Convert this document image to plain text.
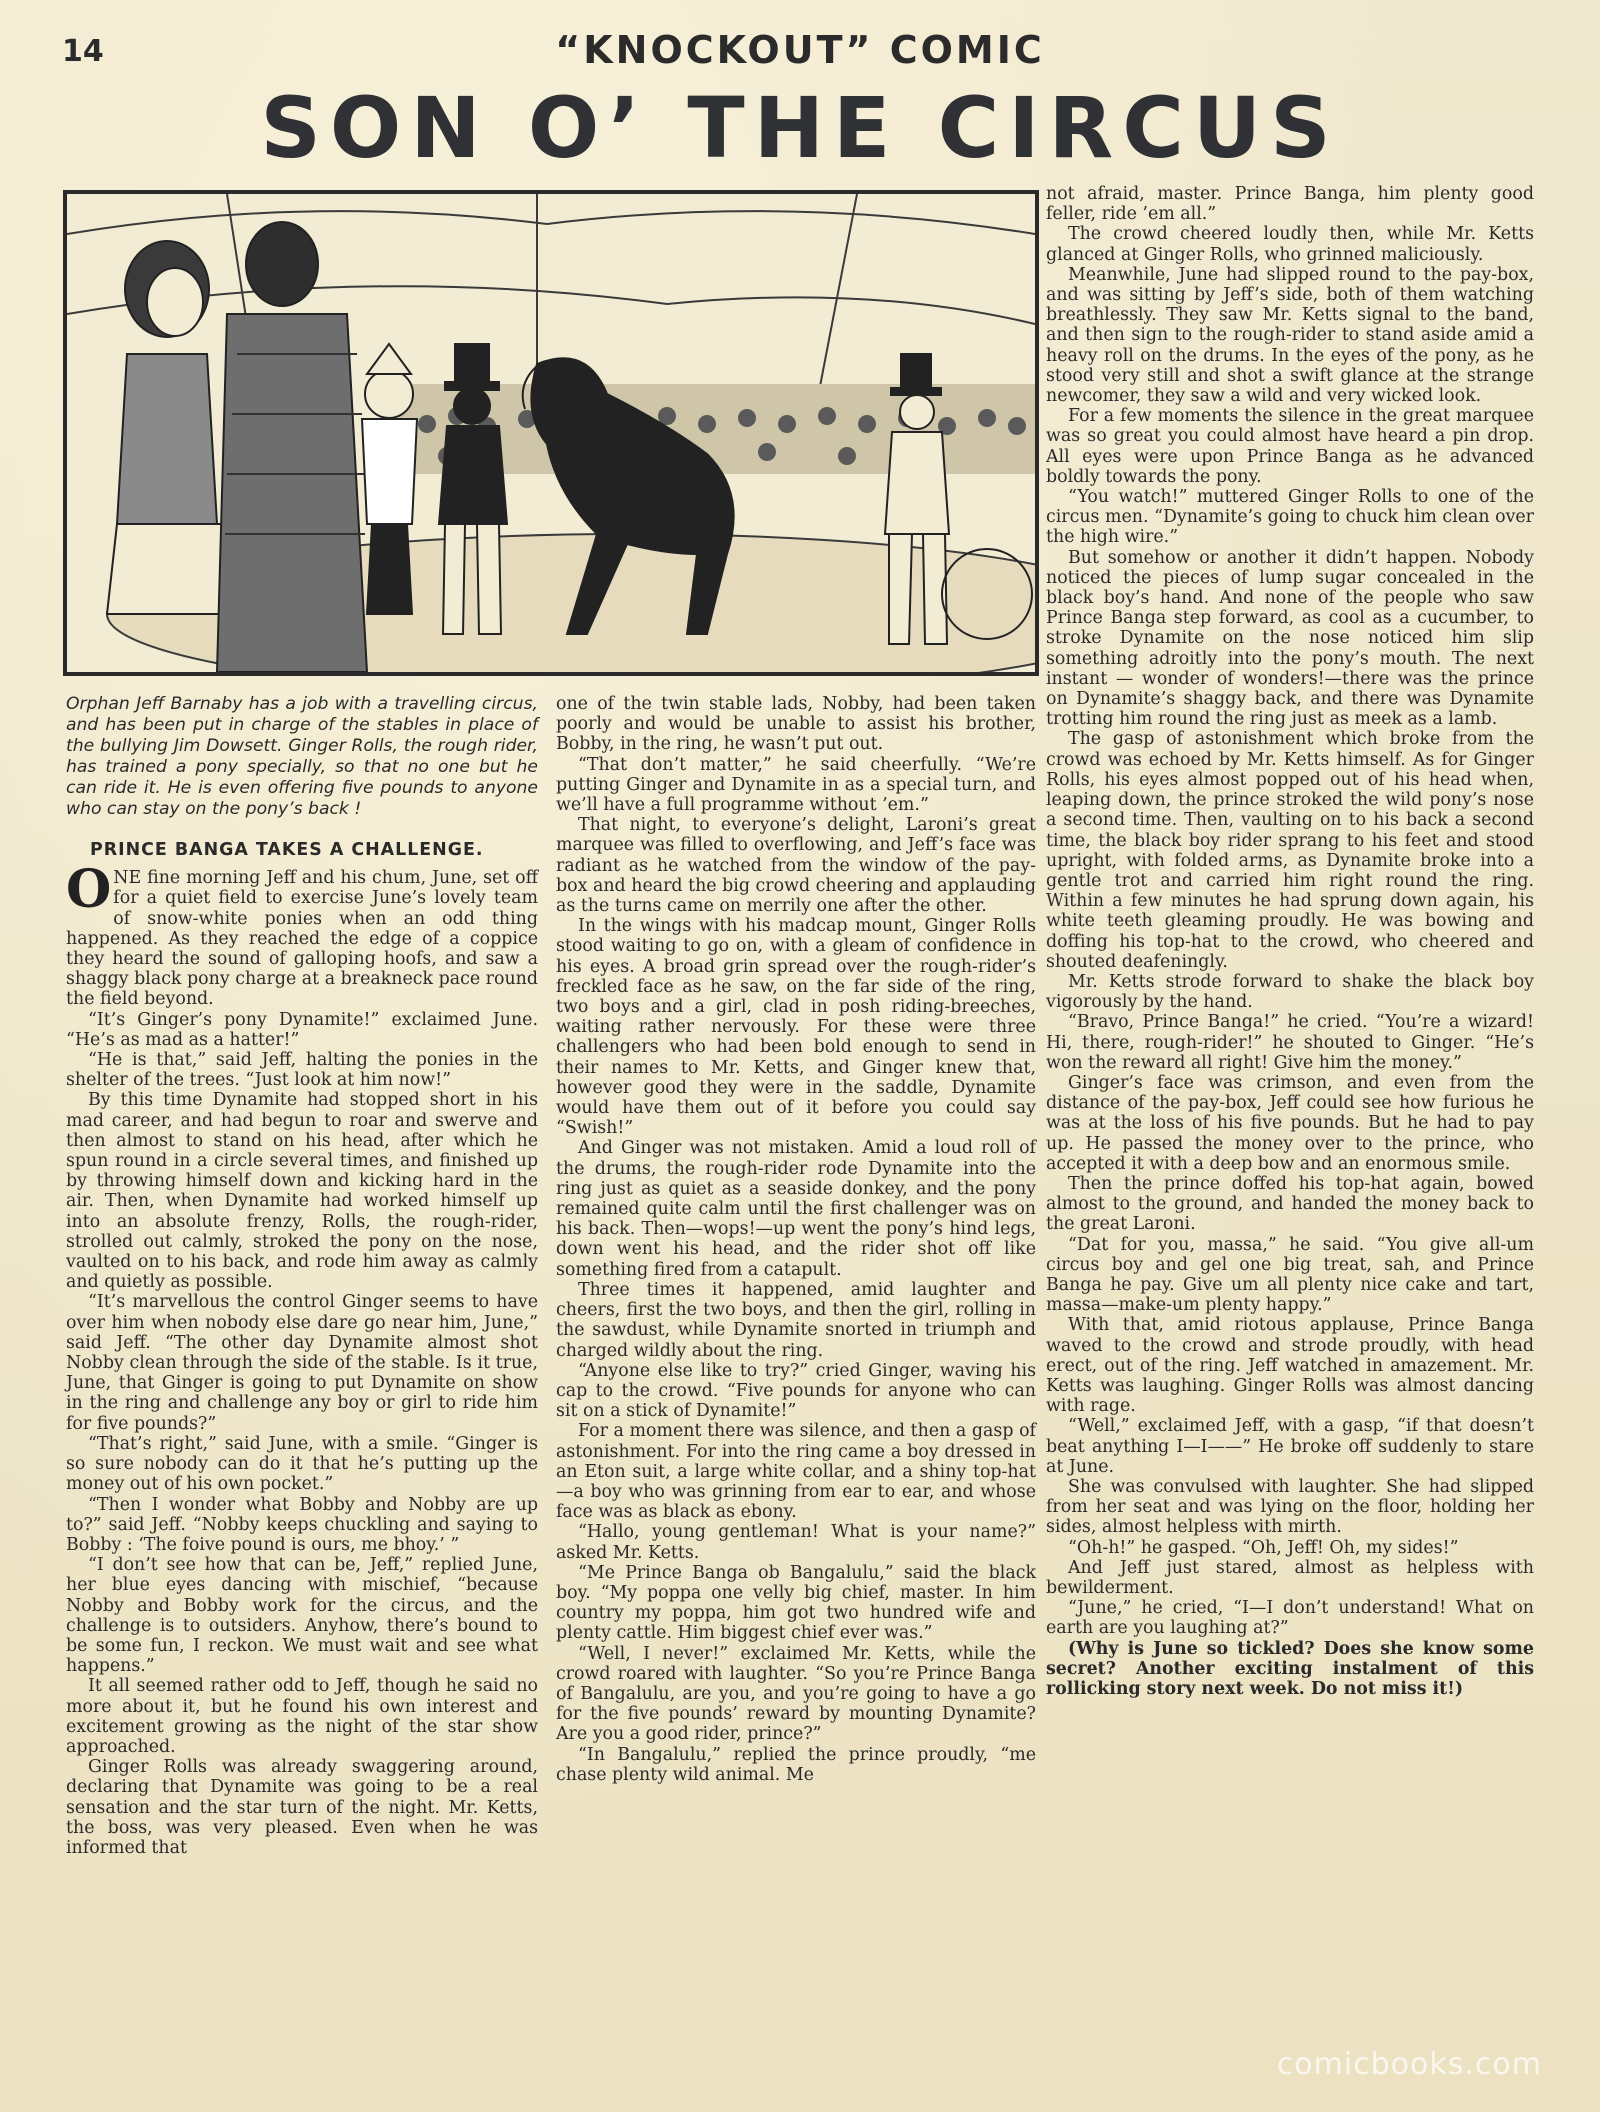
14	“KNOCKOUT” COMIC
SON O’ THE CIRCUS

Orphan Jeff Barnaby has a job with a travelling circus, and has been put in charge of the stables in place of the bullying Jim Dowsett. Ginger Rolls, the rough rider, has trained a pony specially, so that no one but he can ride it. He is even offering five pounds to anyone who can stay on the pony’s back !

PRINCE BANGA TAKES A CHALLENGE.

ONE fine morning Jeff and his chum, June, set off for a quiet field to exercise June’s lovely team of snow-white ponies when an odd thing happened. As they reached the edge of a coppice they heard the sound of galloping hoofs, and saw a shaggy black pony charge at a breakneck pace round the field beyond.

“It’s Ginger’s pony Dynamite!” exclaimed June. “He’s as mad as a hatter!”

“He is that,” said Jeff, halting the ponies in the shelter of the trees. “Just look at him now!”

By this time Dynamite had stopped short in his mad career, and had begun to roar and swerve and then almost to stand on his head, after which he spun round in a circle several times, and finished up by throwing himself down and kicking hard in the air. Then, when Dynamite had worked himself up into an absolute frenzy, Rolls, the rough-rider, strolled out calmly, stroked the pony on the nose, vaulted on to his back, and rode him away as calmly and quietly as possible.

“It’s marvellous the control Ginger seems to have over him when nobody else dare go near him, June,” said Jeff. “The other day Dynamite almost shot Nobby clean through the side of the stable. Is it true, June, that Ginger is going to put Dynamite on show in the ring and challenge any boy or girl to ride him for five pounds?”

“That’s right,” said June, with a smile. “Ginger is so sure nobody can do it that he’s putting up the money out of his own pocket.”

“Then I wonder what Bobby and Nobby are up to?” said Jeff. “Nobby keeps chuckling and saying to Bobby : ‘The foive pound is ours, me bhoy.’ ”

“I don’t see how that can be, Jeff,” replied June, her blue eyes dancing with mischief, “because Nobby and Bobby work for the circus, and the challenge is to outsiders. Anyhow, there’s bound to be some fun, I reckon. We must wait and see what happens.”

It all seemed rather odd to Jeff, though he said no more about it, but he found his own interest and excitement growing as the night of the star show approached.

Ginger Rolls was already swaggering around, declaring that Dynamite was going to be a real sensation and the star turn of the night. Mr. Ketts, the boss, was very pleased. Even when he was informed that

one of the twin stable lads, Nobby, had been taken poorly and would be unable to assist his brother, Bobby, in the ring, he wasn’t put out.

“That don’t matter,” he said cheerfully. “We’re putting Ginger and Dynamite in as a special turn, and we’ll have a full programme without ’em.”

That night, to everyone’s delight, Laroni’s great marquee was filled to overflowing, and Jeff’s face was radiant as he watched from the window of the pay-box and heard the big crowd cheering and applauding as the turns came on merrily one after the other.

In the wings with his madcap mount, Ginger Rolls stood waiting to go on, with a gleam of confidence in his eyes. A broad grin spread over the rough-rider’s freckled face as he saw, on the far side of the ring, two boys and a girl, clad in posh riding-breeches, waiting rather nervously. For these were three challengers who had been bold enough to send in their names to Mr. Ketts, and Ginger knew that, however good they were in the saddle, Dynamite would have them out of it before you could say “Swish!”

And Ginger was not mistaken. Amid a loud roll of the drums, the rough-rider rode Dynamite into the ring just as quiet as a seaside donkey, and the pony remained quite calm until the first challenger was on his back. Then—wops!—up went the pony’s hind legs, down went his head, and the rider shot off like something fired from a catapult.

Three times it happened, amid laughter and cheers, first the two boys, and then the girl, rolling in the sawdust, while Dynamite snorted in triumph and charged wildly about the ring.

“Anyone else like to try?” cried Ginger, waving his cap to the crowd. “Five pounds for anyone who can sit on a stick of Dynamite!”

For a moment there was silence, and then a gasp of astonishment. For into the ring came a boy dressed in an Eton suit, a large white collar, and a shiny top-hat—a boy who was grinning from ear to ear, and whose face was as black as ebony.

“Hallo, young gentleman! What is your name?” asked Mr. Ketts.

“Me Prince Banga ob Bangalulu,” said the black boy. “My poppa one velly big chief, master. In him country my poppa, him got two hundred wife and plenty cattle. Him biggest chief ever was.”

“Well, I never!” exclaimed Mr. Ketts, while the crowd roared with laughter. “So you’re Prince Banga of Bangalulu, are you, and you’re going to have a go for the five pounds’ reward by mounting Dynamite? Are you a good rider, prince?”

“In Bangalulu,” replied the prince proudly, “me chase plenty wild animal. Me

not afraid, master. Prince Banga, him plenty good feller, ride ’em all.”

The crowd cheered loudly then, while Mr. Ketts glanced at Ginger Rolls, who grinned maliciously.

Meanwhile, June had slipped round to the pay-box, and was sitting by Jeff’s side, both of them watching breathlessly. They saw Mr. Ketts signal to the band, and then sign to the rough-rider to stand aside amid a heavy roll on the drums. In the eyes of the pony, as he stood very still and shot a swift glance at the strange newcomer, they saw a wild and very wicked look.

For a few moments the silence in the great marquee was so great you could almost have heard a pin drop. All eyes were upon Prince Banga as he advanced boldly towards the pony.

“You watch!” muttered Ginger Rolls to one of the circus men. “Dynamite’s going to chuck him clean over the high wire.”

But somehow or another it didn’t happen. Nobody noticed the pieces of lump sugar concealed in the black boy’s hand. And none of the people who saw Prince Banga step forward, as cool as a cucumber, to stroke Dynamite on the nose noticed him slip something adroitly into the pony’s mouth. The next instant — wonder of wonders!—there was the prince on Dynamite’s shaggy back, and there was Dynamite trotting him round the ring just as meek as a lamb.

The gasp of astonishment which broke from the crowd was echoed by Mr. Ketts himself. As for Ginger Rolls, his eyes almost popped out of his head when, leaping down, the prince stroked the wild pony’s nose a second time. Then, vaulting on to his back a second time, the black boy rider sprang to his feet and stood upright, with folded arms, as Dynamite broke into a gentle trot and carried him right round the ring. Within a few minutes he had sprung down again, his white teeth gleaming proudly. He was bowing and doffing his top-hat to the crowd, who cheered and shouted deafeningly.

Mr. Ketts strode forward to shake the black boy vigorously by the hand.

“Bravo, Prince Banga!” he cried. “You’re a wizard! Hi, there, rough-rider!” he shouted to Ginger. “He’s won the reward all right! Give him the money.”

Ginger’s face was crimson, and even from the distance of the pay-box, Jeff could see how furious he was at the loss of his five pounds. But he had to pay up. He passed the money over to the prince, who accepted it with a deep bow and an enormous smile.

Then the prince doffed his top-hat again, bowed almost to the ground, and handed the money back to the great Laroni.

“Dat for you, massa,” he said. “You give all-um circus boy and gel one big treat, sah, and Prince Banga he pay. Give um all plenty nice cake and tart, massa—make-um plenty happy.”

With that, amid riotous applause, Prince Banga waved to the crowd and strode proudly, with head erect, out of the ring. Jeff watched in amazement. Mr. Ketts was laughing. Ginger Rolls was almost dancing with rage.

“Well,” exclaimed Jeff, with a gasp, “if that doesn’t beat anything I—I——” He broke off suddenly to stare at June.

She was convulsed with laughter. She had slipped from her seat and was lying on the floor, holding her sides, almost helpless with mirth.

“Oh-h!” he gasped. “Oh, Jeff! Oh, my sides!”

And Jeff just stared, almost as helpless with bewilderment.

“June,” he cried, “I—I don’t understand! What on earth are you laughing at?”

(Why is June so tickled? Does she know some secret? Another exciting instalment of this rollicking story next week. Do not miss it!)

comicbooks.com
